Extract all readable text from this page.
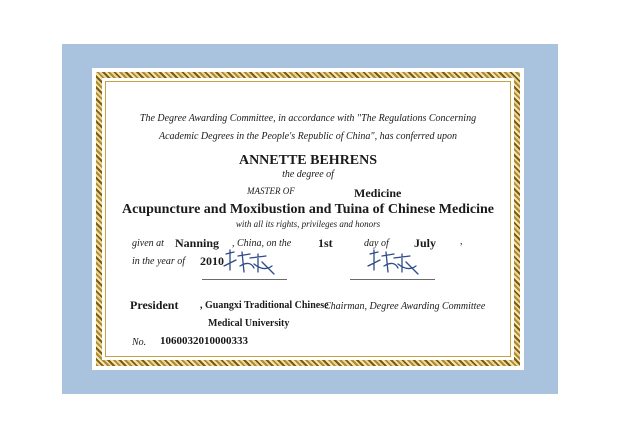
The Degree Awarding Committee, in accordance with "The Regulations Concerning
Academic Degrees in the People's Republic of China", has conferred upon
ANNETTE BEHRENS
the degree of
MASTER OF	Medicine
Acupuncture and Moxibustion and Tuina of Chinese Medicine
with all its rights, privileges and honors
given at Nanning , China, on the 1st	day of July ,
in the year of 2010
President , Guangxi Traditional Chinese
Medical University
Chairman, Degree Awarding Committee
No. 1060032010000333
